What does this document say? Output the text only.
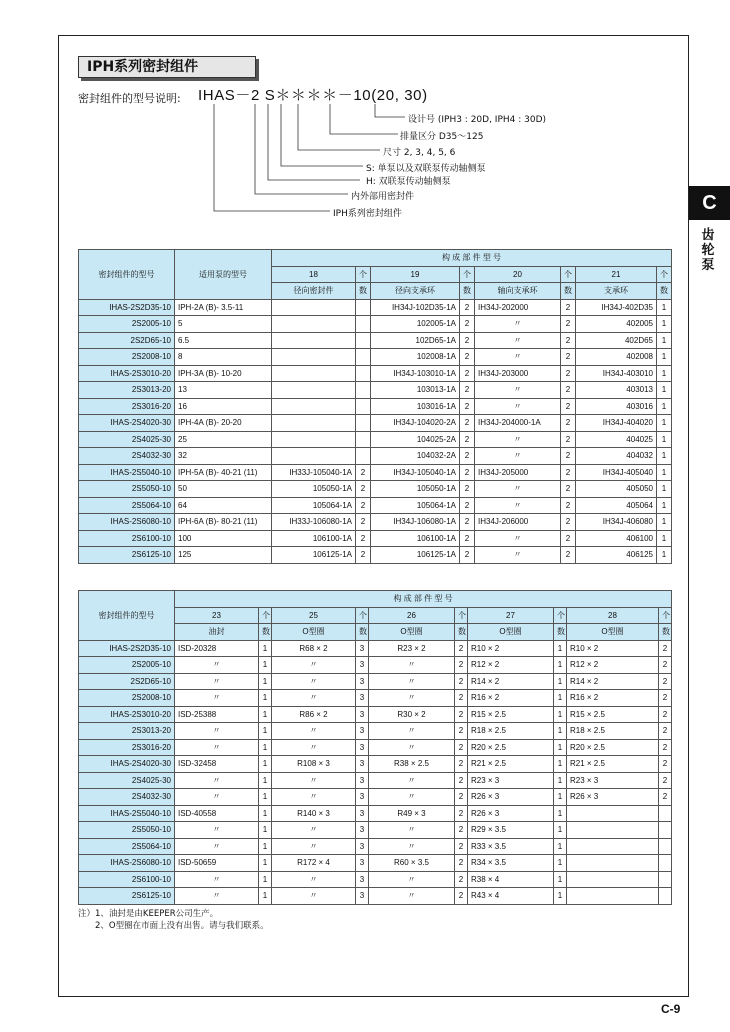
IPH系列密封组件
密封组件的型号说明: IHAS－2 S＊＊＊＊－10(20, 30)
设计号 (IPH3 : 20D, IPH4 : 30D)
排量区分 D35～125
尺寸 2, 3, 4, 5, 6
S: 单泵以及双联泵传动轴侧泵
H: 双联泵传动轴侧泵
内外部用密封件
IPH系列密封组件	C
齿轮泵
密封组件的型号	适用泵的型号	构 成 部 件 型 号							
		18	个	19	个	20	个	21	个
		径向密封件	数	径向支承环	数	轴向支承环	数	支承环	数
IHAS-2S2D35-10	IPH-2A (B)- 3.5-11			IH34J-102D35-1A	2	IH34J-202000	2	IH34J-402D35	1
2S2005-10	5			102005-1A	2	〃	2	402005	1
2S2D65-10	6.5			102D65-1A	2	〃	2	402D65	1
2S2008-10	8			102008-1A	2	〃	2	402008	1
IHAS-2S3010-20	IPH-3A (B)- 10-20			IH34J-103010-1A	2	IH34J-203000	2	IH34J-403010	1
2S3013-20	13			103013-1A	2	〃	2	403013	1
2S3016-20	16			103016-1A	2	〃	2	403016	1
IHAS-2S4020-30	IPH-4A (B)- 20-20			IH34J-104020-2A	2	IH34J-204000-1A	2	IH34J-404020	1
2S4025-30	25			104025-2A	2	〃	2	404025	1
2S4032-30	32			104032-2A	2	〃	2	404032	1
IHAS-2S5040-10	IPH-5A (B)- 40-21 (11)	IH33J-105040-1A	2	IH34J-105040-1A	2	IH34J-205000	2	IH34J-405040	1
2S5050-10	50	105050-1A	2	105050-1A	2	〃	2	405050	1
2S5064-10	64	105064-1A	2	105064-1A	2	〃	2	405064	1
IHAS-2S6080-10	IPH-6A (B)- 80-21 (11)	IH33J-106080-1A	2	IH34J-106080-1A	2	IH34J-206000	2	IH34J-406080	1
2S6100-10	100	106100-1A	2	106100-1A	2	〃	2	406100	1
2S6125-10	125	106125-1A	2	106125-1A	2	〃	2	406125	1
密封组件的型号	构 成 部 件 型 号									
	23	个	25	个	26	个	27	个	28	个
	油封	数	O型圈	数	O型圈	数	O型圈	数	O型圈	数
IHAS-2S2D35-10	ISD-20328	1	R68 × 2	3	R23 × 2	2	R10 × 2	1	R10 × 2	2
2S2005-10	〃	1	〃	3	〃	2	R12 × 2	1	R12 × 2	2
2S2D65-10	〃	1	〃	3	〃	2	R14 × 2	1	R14 × 2	2
2S2008-10	〃	1	〃	3	〃	2	R16 × 2	1	R16 × 2	2
IHAS-2S3010-20	ISD-25388	1	R86 × 2	3	R30 × 2	2	R15 × 2.5	1	R15 × 2.5	2
2S3013-20	〃	1	〃	3	〃	2	R18 × 2.5	1	R18 × 2.5	2
2S3016-20	〃	1	〃	3	〃	2	R20 × 2.5	1	R20 × 2.5	2
IHAS-2S4020-30	ISD-32458	1	R108 × 3	3	R38 × 2.5	2	R21 × 2.5	1	R21 × 2.5	2
2S4025-30	〃	1	〃	3	〃	2	R23 × 3	1	R23 × 3	2
2S4032-30	〃	1	〃	3	〃	2	R26 × 3	1	R26 × 3	2
IHAS-2S5040-10	ISD-40558	1	R140 × 3	3	R49 × 3	2	R26 × 3	1		
2S5050-10	〃	1	〃	3	〃	2	R29 × 3.5	1		
2S5064-10	〃	1	〃	3	〃	2	R33 × 3.5	1		
IHAS-2S6080-10	ISD-50659	1	R172 × 4	3	R60 × 3.5	2	R34 × 3.5	1		
2S6100-10	〃	1	〃	3	〃	2	R38 × 4	1		
2S6125-10	〃	1	〃	3	〃	2	R43 × 4	1		
注）1、油封是由KEEPER公司生产。
　　2、O型圈在市面上没有出售。请与我们联系。
C-9
